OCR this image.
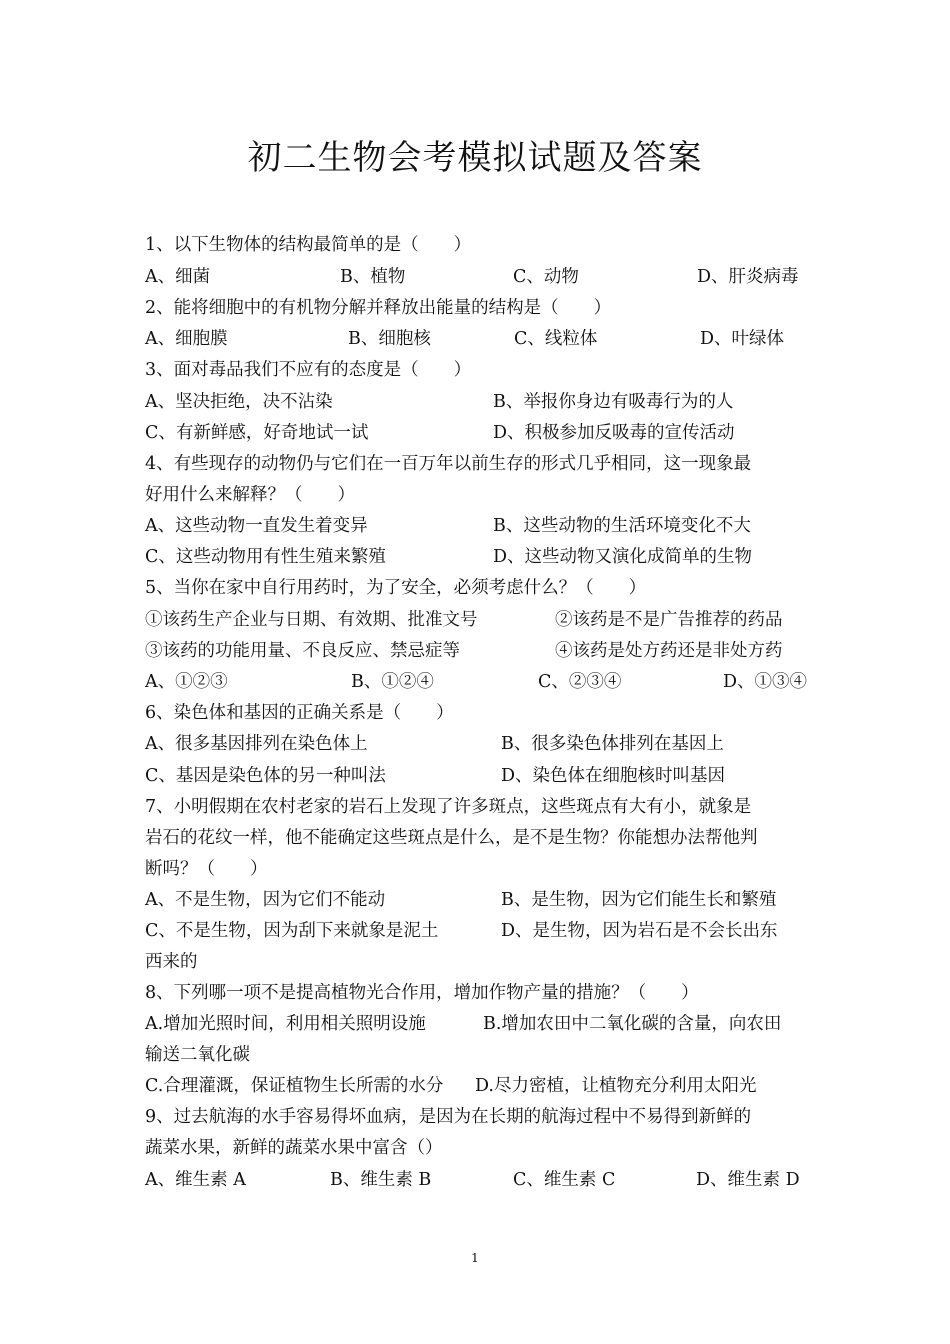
初二生物会考模拟试题及答案
1、以下生物体的结构最简单的是（　　）
A、细菌	B、植物	C、动物	D、肝炎病毒
2、能将细胞中的有机物分解并释放出能量的结构是（　　）
A、细胞膜	B、细胞核	C、线粒体	D、叶绿体
3、面对毒品我们不应有的态度是（　　）
A、坚决拒绝，决不沾染	B、举报你身边有吸毒行为的人
C、有新鲜感，好奇地试一试	D、积极参加反吸毒的宣传活动
4、有些现存的动物仍与它们在一百万年以前生存的形式几乎相同，这一现象最
好用什么来解释？（　　）
A、这些动物一直发生着变异	B、这些动物的生活环境变化不大
C、这些动物用有性生殖来繁殖	D、这些动物又演化成简单的生物
5、当你在家中自行用药时，为了安全，必须考虑什么？（　　）
①该药生产企业与日期、有效期、批准文号	②该药是不是广告推荐的药品
③该药的功能用量、不良反应、禁忌症等	④该药是处方药还是非处方药
A、①②③	B、①②④	C、②③④	D、①③④
6、染色体和基因的正确关系是（　　）
A、很多基因排列在染色体上	B、很多染色体排列在基因上
C、基因是染色体的另一种叫法	D、染色体在细胞核时叫基因
7、小明假期在农村老家的岩石上发现了许多斑点，这些斑点有大有小，就象是
岩石的花纹一样，他不能确定这些斑点是什么，是不是生物？你能想办法帮他判
断吗？（　　）
A、不是生物，因为它们不能动	B、是生物，因为它们能生长和繁殖
C、不是生物，因为刮下来就象是泥土	D、是生物，因为岩石是不会长出东
西来的
8、下列哪一项不是提高植物光合作用，增加作物产量的措施？（　　）
A.增加光照时间，利用相关照明设施	B.增加农田中二氧化碳的含量，向农田
输送二氧化碳
C.合理灌溉，保证植物生长所需的水分 D.尽力密植，让植物充分利用太阳光
9、过去航海的水手容易得坏血病，是因为在长期的航海过程中不易得到新鲜的
蔬菜水果，新鲜的蔬菜水果中富含（）
A、维生素 A	B、维生素 B	C、维生素 C	D、维生素 D
1
